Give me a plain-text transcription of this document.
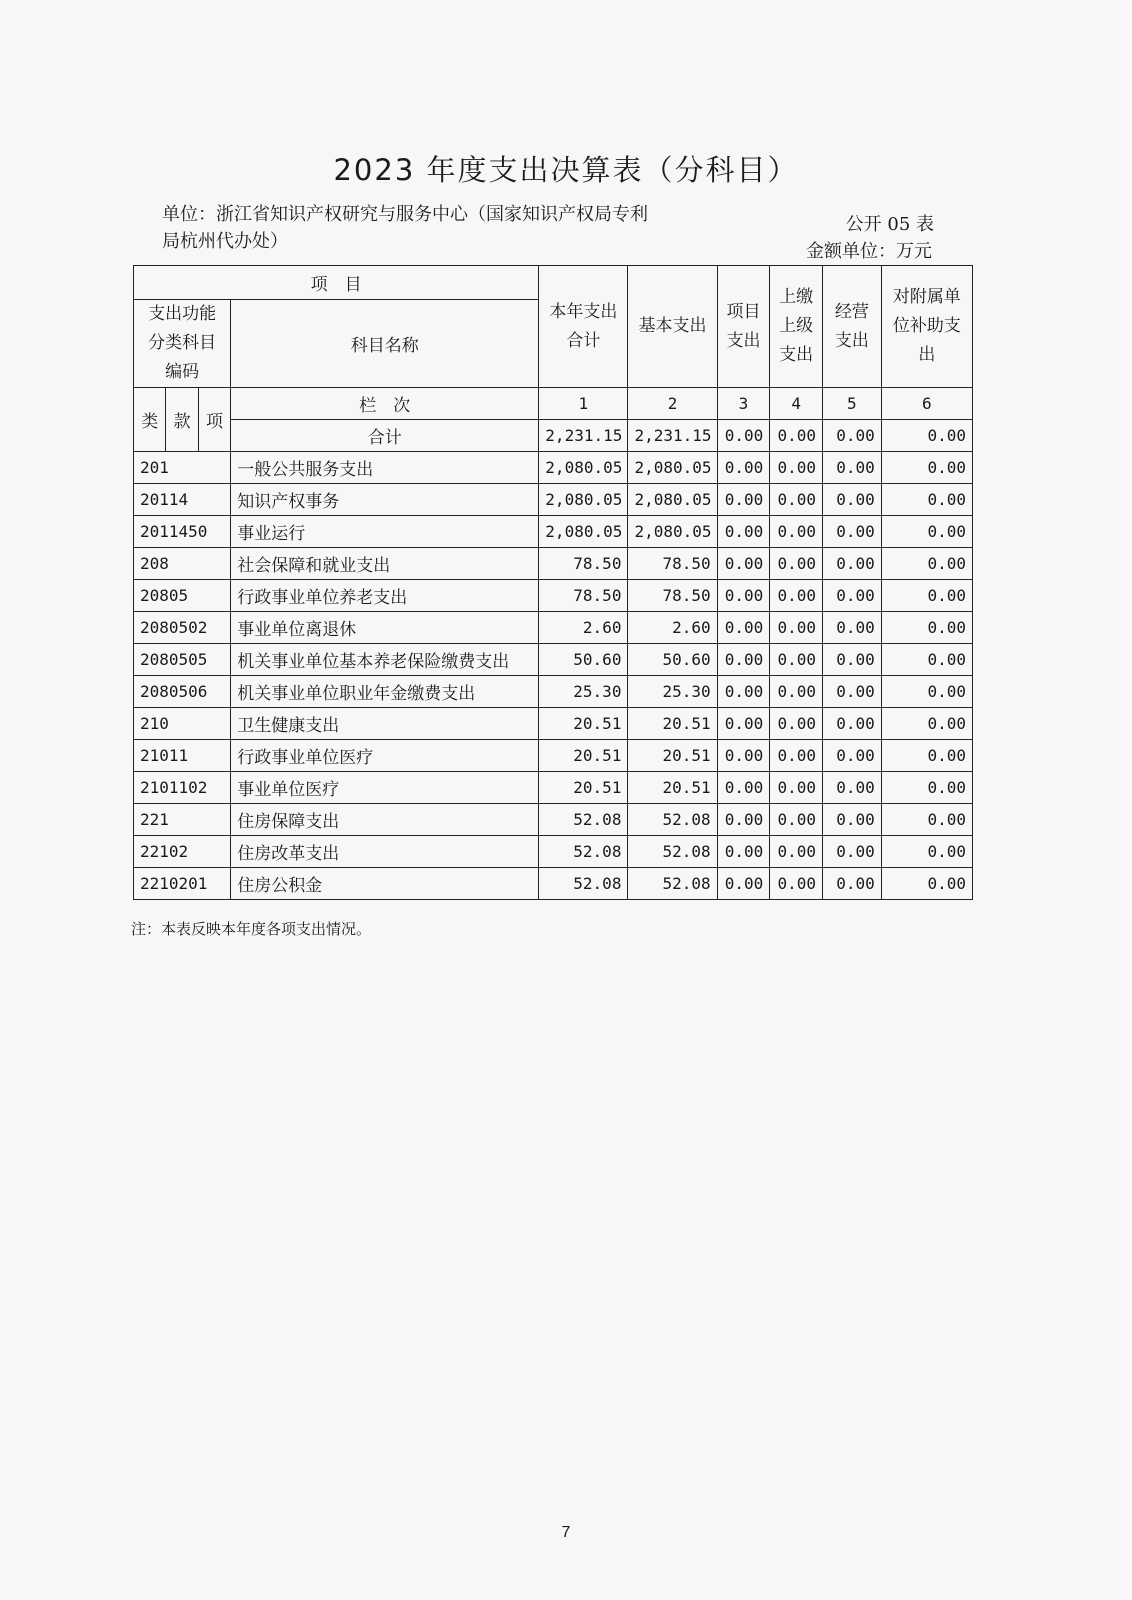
2023 年度支出决算表（分科目）
单位：浙江省知识产权研究与服务中心（国家知识产权局专利
局杭州代办处）
公开 05 表
金额单位：万元
项　目				本年支出合计	基本支出	项目支出	上缴上级支出	经营支出	对附属单位补助支出
支出功能分类科目编码			科目名称						
类	款	项	栏　次	1	2	3	4	5	6
			合计	2,231.15	2,231.15	0.00	0.00	0.00	0.00
201			一般公共服务支出	2,080.05	2,080.05	0.00	0.00	0.00	0.00
20114			知识产权事务	2,080.05	2,080.05	0.00	0.00	0.00	0.00
2011450			事业运行	2,080.05	2,080.05	0.00	0.00	0.00	0.00
208			社会保障和就业支出	78.50	78.50	0.00	0.00	0.00	0.00
20805			行政事业单位养老支出	78.50	78.50	0.00	0.00	0.00	0.00
2080502			事业单位离退休	2.60	2.60	0.00	0.00	0.00	0.00
2080505			机关事业单位基本养老保险缴费支出	50.60	50.60	0.00	0.00	0.00	0.00
2080506			机关事业单位职业年金缴费支出	25.30	25.30	0.00	0.00	0.00	0.00
210			卫生健康支出	20.51	20.51	0.00	0.00	0.00	0.00
21011			行政事业单位医疗	20.51	20.51	0.00	0.00	0.00	0.00
2101102			事业单位医疗	20.51	20.51	0.00	0.00	0.00	0.00
221			住房保障支出	52.08	52.08	0.00	0.00	0.00	0.00
22102			住房改革支出	52.08	52.08	0.00	0.00	0.00	0.00
2210201			住房公积金	52.08	52.08	0.00	0.00	0.00	0.00
注：本表反映本年度各项支出情况。
7
